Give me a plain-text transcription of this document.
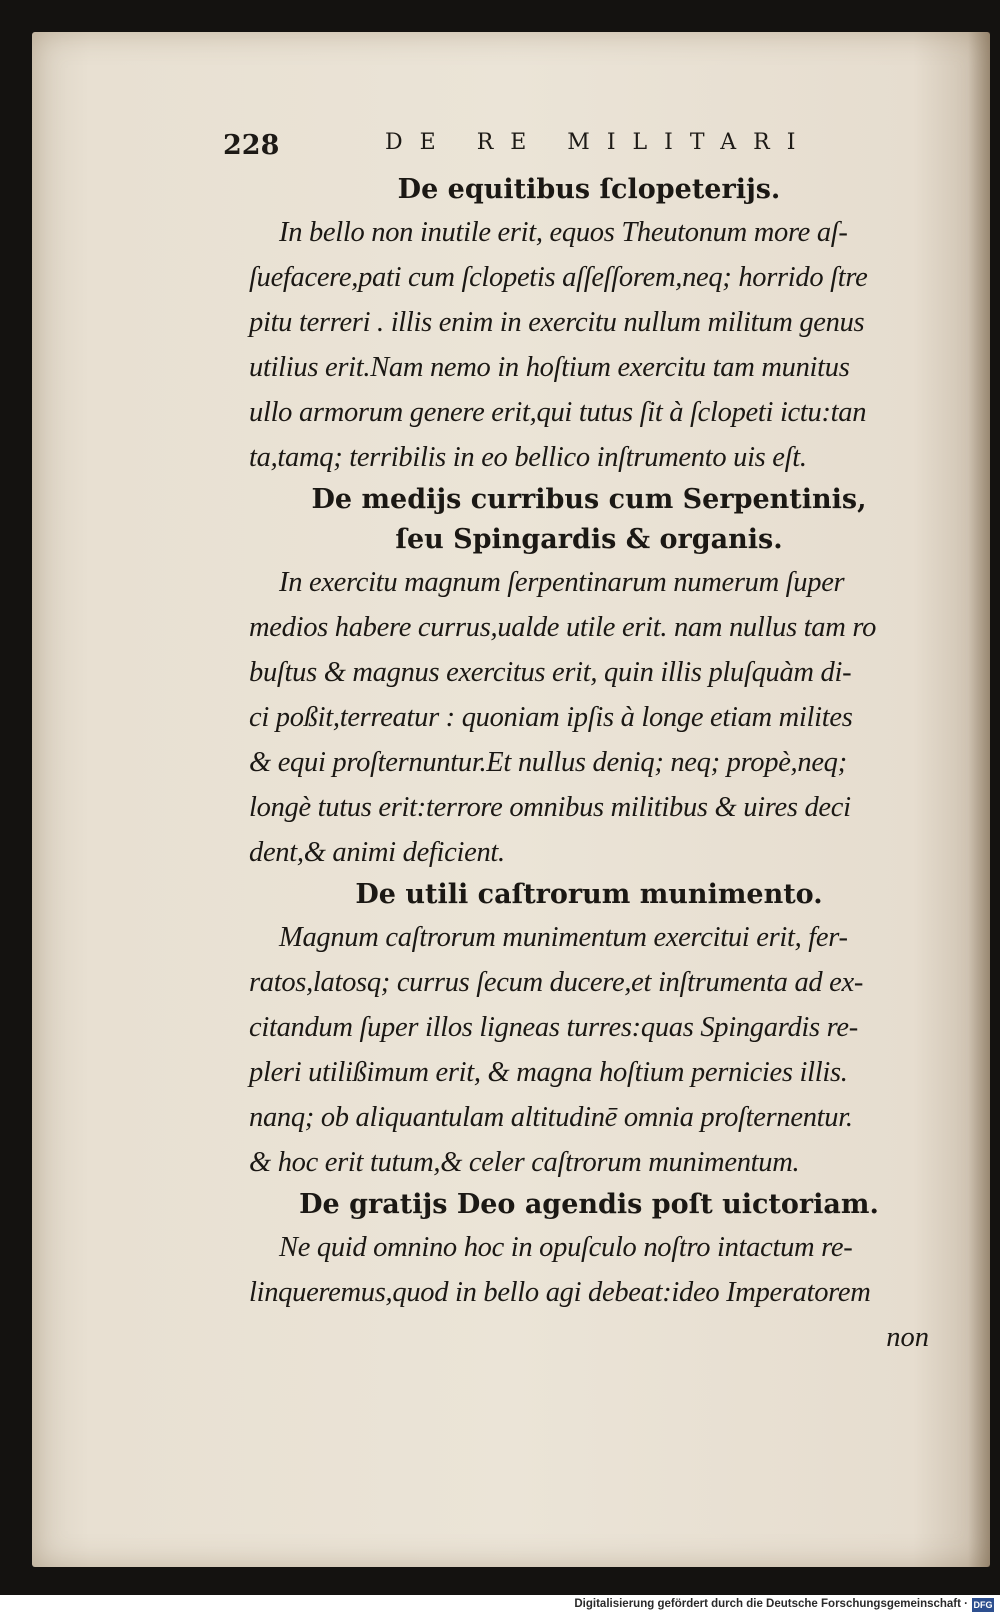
228	DE RE MILITARI
De equitibus ſclopeteriјs.
In bello non inutile erit, equos Theutonum more aſ-
ſuefacere,pati cum ſclopetis aſſeſſorem,neq; horrido ſtre
pitu terreri . illis enim in exercitu nullum militum genus
utilius erit.Nam nemo in hoſtium exercitu tam munitus
ullo armorum genere erit,qui tutus ſit à ſclopeti ictu:tan
ta,tamq; terribilis in eo bellico inſtrumento uis eſt.
De mediјs curribus cum Serpentinis,
ſeu Spingardis & organis.
In exercitu magnum ſerpentinarum numerum ſuper
medios habere currus,ualde utile erit. nam nullus tam ro
buſtus & magnus exercitus erit, quin illis pluſquàm di-
ci poßit,terreatur : quoniam ipſis à longe etiam milites
& equi proſternuntur.Et nullus deniq; neq; propè,neq;
longè tutus erit:terrore omnibus militibus & uires deci
dent,& animi deficient.
De utili caſtrorum munimento.
Magnum caſtrorum munimentum exercitui erit, fer-
ratos,latosq; currus ſecum ducere,et inſtrumenta ad ex-
citandum ſuper illos ligneas turres:quas Spingardis re-
pleri utilißimum erit, & magna hoſtium pernicies illis.
nanq; ob aliquantulam altitudinē omnia proſternentur.
& hoc erit tutum,& celer caſtrorum munimentum.
De gratiјs Deo agendis poſt uictoriam.
Ne quid omnino hoc in opuſculo noſtro intactum re-
linqueremus,quod in bello agi debeat:ideo Imperatorem
non
Digitalisierung gefördert durch die Deutsche Forschungsgemeinschaft · DFG
